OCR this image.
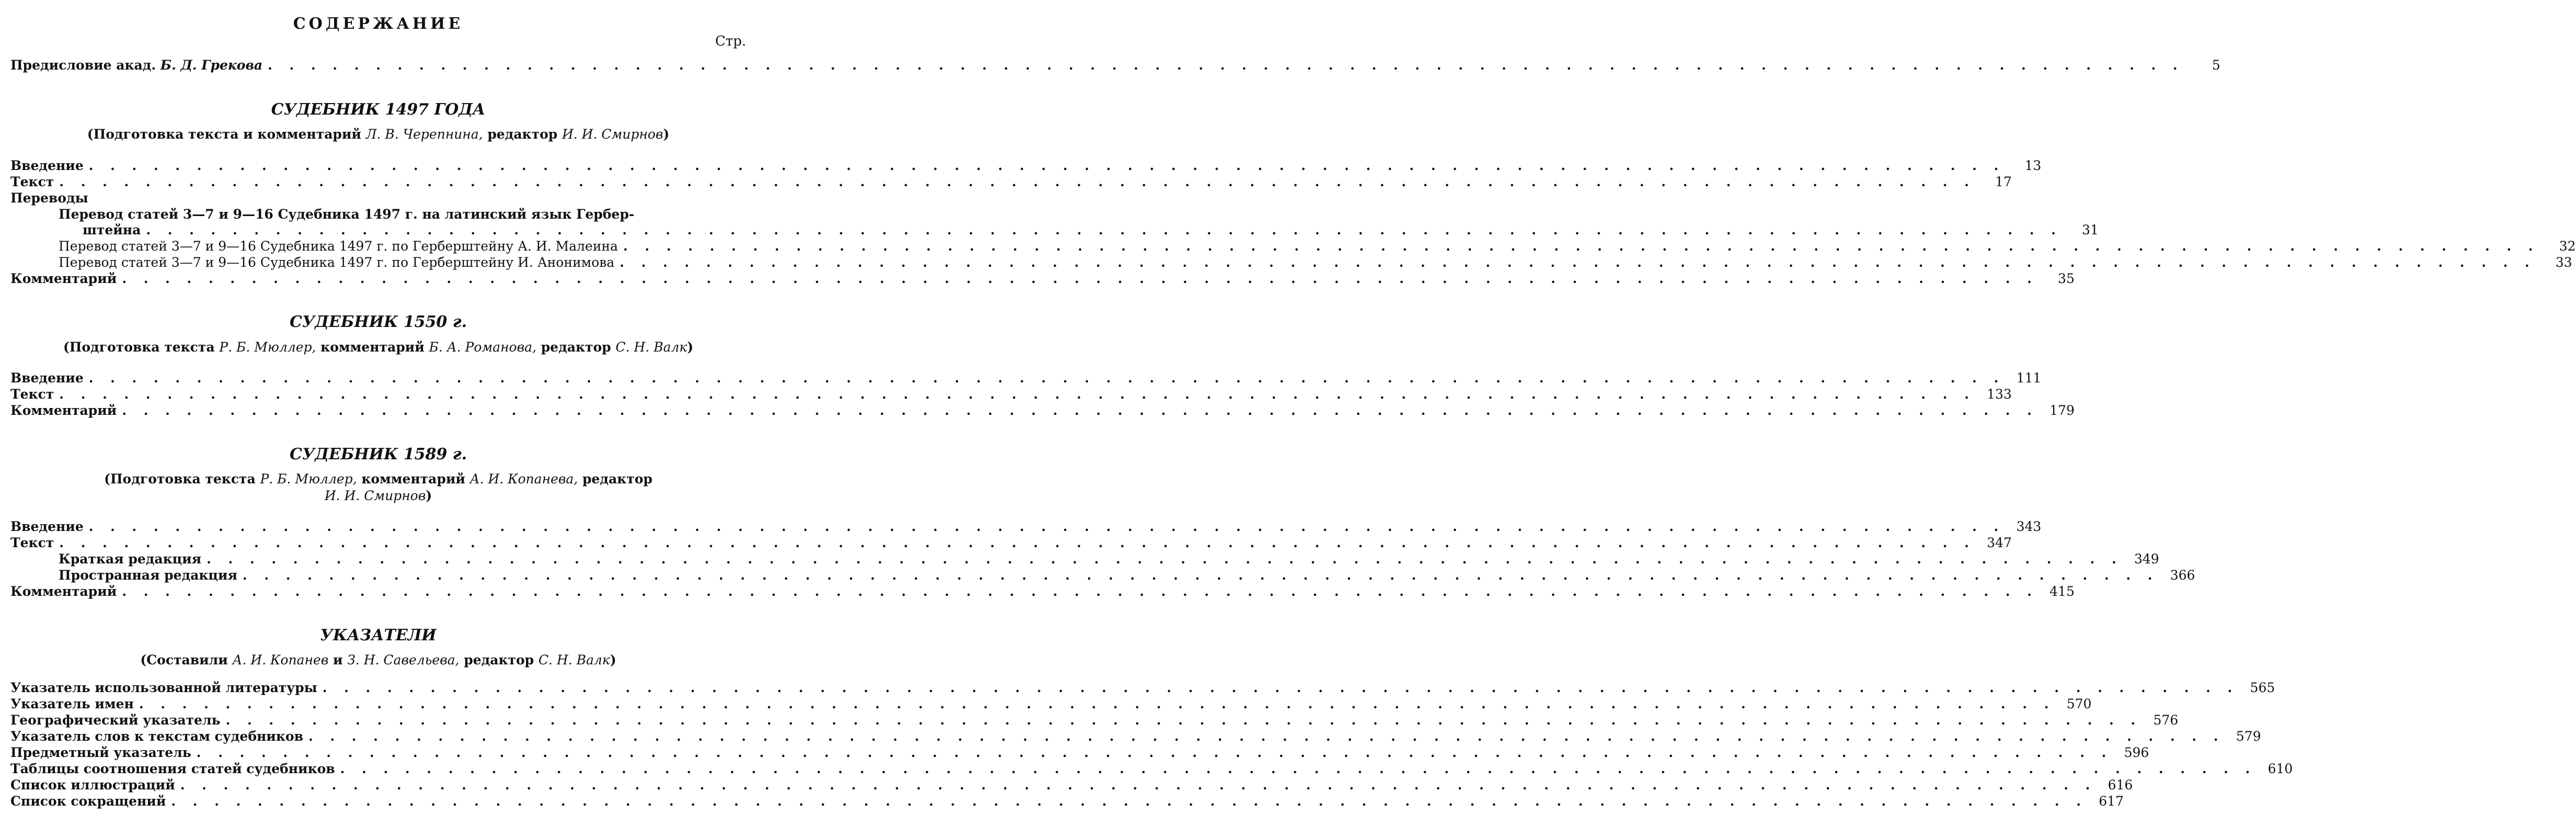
СОДЕРЖАНИЕ
Стр.
Предисловие акад. Б. Д. Грекова . . . . . . . . . . . . . . . . . . . . . . . . . . . . . . . . . . . . . . . . . . . . . . . . . . . . . . . . . . . . . . . . . . . . . . . . . . . . . . . . . . . . . . . . .	5
СУДЕБНИК 1497 ГОДА
(Подготовка текста и комментарий Л. В. Черепнина, редактор И. И. Смирнов)
Введение . . . . . . . . . . . . . . . . . . . . . . . . . . . . . . . . . . . . . . . . . . . . . . . . . . . . . . . . . . . . . . . . . . . . . . . . . . . . . . . . . . . . . . . . .	13
Текст . . . . . . . . . . . . . . . . . . . . . . . . . . . . . . . . . . . . . . . . . . . . . . . . . . . . . . . . . . . . . . . . . . . . . . . . . . . . . . . . . . . . . . . . .	17
Переводы
Перевод статей 3—7 и 9—16 Судебника 1497 г. на латинский язык Гербер-
штейна . . . . . . . . . . . . . . . . . . . . . . . . . . . . . . . . . . . . . . . . . . . . . . . . . . . . . . . . . . . . . . . . . . . . . . . . . . . . . . . . . . . . . . . . .	31
Перевод статей 3—7 и 9—16 Судебника 1497 г. по Герберштейну А. И. Малеина . . . . . . . . . . . . . . . . . . . . . . . . . . . . . . . . . . . . . . . . . . . . . . . . . . . . . . . . . . . . . . . . . . . . . . . . . . . . . . . . . . . . . . . . .	32
Перевод статей 3—7 и 9—16 Судебника 1497 г. по Герберштейну И. Анонимова . . . . . . . . . . . . . . . . . . . . . . . . . . . . . . . . . . . . . . . . . . . . . . . . . . . . . . . . . . . . . . . . . . . . . . . . . . . . . . . . . . . . . . . . .	33
Комментарий . . . . . . . . . . . . . . . . . . . . . . . . . . . . . . . . . . . . . . . . . . . . . . . . . . . . . . . . . . . . . . . . . . . . . . . . . . . . . . . . . . . . . . . . .	35
СУДЕБНИК 1550 г.
(Подготовка текста Р. Б. Мюллер, комментарий Б. А. Романова, редактор С. Н. Валк)
Введение . . . . . . . . . . . . . . . . . . . . . . . . . . . . . . . . . . . . . . . . . . . . . . . . . . . . . . . . . . . . . . . . . . . . . . . . . . . . . . . . . . . . . . . . . 111
Текст . . . . . . . . . . . . . . . . . . . . . . . . . . . . . . . . . . . . . . . . . . . . . . . . . . . . . . . . . . . . . . . . . . . . . . . . . . . . . . . . . . . . . . . . . 133
Комментарий . . . . . . . . . . . . . . . . . . . . . . . . . . . . . . . . . . . . . . . . . . . . . . . . . . . . . . . . . . . . . . . . . . . . . . . . . . . . . . . . . . . . . . . . . 179
СУДЕБНИК 1589 г.
(Подготовка текста Р. Б. Мюллер, комментарий А. И. Копанева, редактор
И. И. Смирнов)
Введение . . . . . . . . . . . . . . . . . . . . . . . . . . . . . . . . . . . . . . . . . . . . . . . . . . . . . . . . . . . . . . . . . . . . . . . . . . . . . . . . . . . . . . . . . 343
Текст . . . . . . . . . . . . . . . . . . . . . . . . . . . . . . . . . . . . . . . . . . . . . . . . . . . . . . . . . . . . . . . . . . . . . . . . . . . . . . . . . . . . . . . . . 347
Краткая редакция . . . . . . . . . . . . . . . . . . . . . . . . . . . . . . . . . . . . . . . . . . . . . . . . . . . . . . . . . . . . . . . . . . . . . . . . . . . . . . . . . . . . . . . . . 349
Пространная редакция . . . . . . . . . . . . . . . . . . . . . . . . . . . . . . . . . . . . . . . . . . . . . . . . . . . . . . . . . . . . . . . . . . . . . . . . . . . . . . . . . . . . . . . . . 366
Комментарий . . . . . . . . . . . . . . . . . . . . . . . . . . . . . . . . . . . . . . . . . . . . . . . . . . . . . . . . . . . . . . . . . . . . . . . . . . . . . . . . . . . . . . . . . 415
УКАЗАТЕЛИ
(Составили А. И. Копанев и З. Н. Савельева, редактор С. Н. Валк)
Указатель использованной литературы . . . . . . . . . . . . . . . . . . . . . . . . . . . . . . . . . . . . . . . . . . . . . . . . . . . . . . . . . . . . . . . . . . . . . . . . . . . . . . . . . . . . . . . . . 565
Указатель имен . . . . . . . . . . . . . . . . . . . . . . . . . . . . . . . . . . . . . . . . . . . . . . . . . . . . . . . . . . . . . . . . . . . . . . . . . . . . . . . . . . . . . . . . . 570
Географический указатель . . . . . . . . . . . . . . . . . . . . . . . . . . . . . . . . . . . . . . . . . . . . . . . . . . . . . . . . . . . . . . . . . . . . . . . . . . . . . . . . . . . . . . . . . 576
Указатель слов к текстам судебников . . . . . . . . . . . . . . . . . . . . . . . . . . . . . . . . . . . . . . . . . . . . . . . . . . . . . . . . . . . . . . . . . . . . . . . . . . . . . . . . . . . . . . . . . 579
Предметный указатель . . . . . . . . . . . . . . . . . . . . . . . . . . . . . . . . . . . . . . . . . . . . . . . . . . . . . . . . . . . . . . . . . . . . . . . . . . . . . . . . . . . . . . . . . 596
Таблицы соотношения статей судебников . . . . . . . . . . . . . . . . . . . . . . . . . . . . . . . . . . . . . . . . . . . . . . . . . . . . . . . . . . . . . . . . . . . . . . . . . . . . . . . . . . . . . . . . . 610
Список иллюстраций . . . . . . . . . . . . . . . . . . . . . . . . . . . . . . . . . . . . . . . . . . . . . . . . . . . . . . . . . . . . . . . . . . . . . . . . . . . . . . . . . . . . . . . . . 616
Список сокращений . . . . . . . . . . . . . . . . . . . . . . . . . . . . . . . . . . . . . . . . . . . . . . . . . . . . . . . . . . . . . . . . . . . . . . . . . . . . . . . . . . . . . . . . . 617
